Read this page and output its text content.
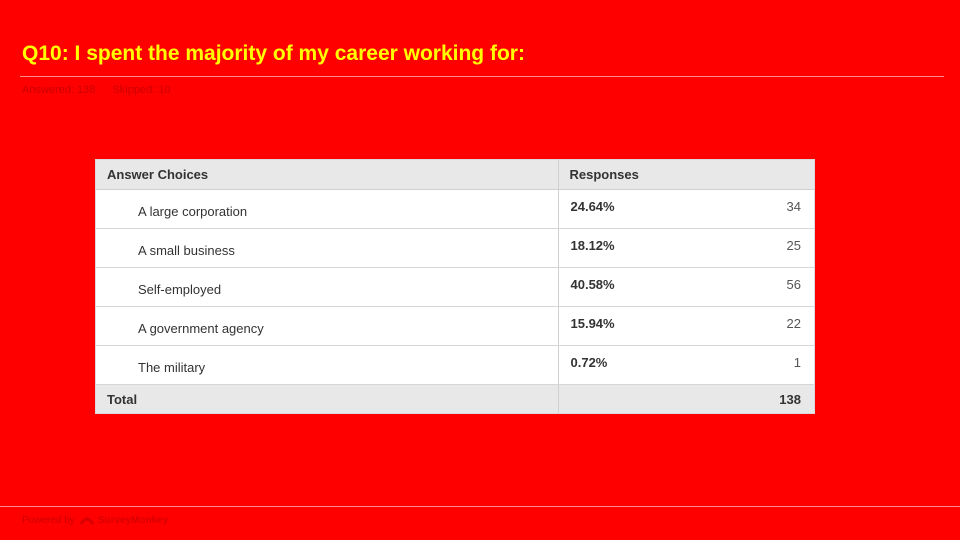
Q10: I spent the majority of my career working for:
Answered: 138 Skipped: 10
Answer Choices	Responses
A large corporation	24.64% 34

A small business	18.12% 25

Self-employed	40.58% 56

A government agency	15.94% 22

The military	0.72% 1

Total	138
Powered by SurveyMonkey
